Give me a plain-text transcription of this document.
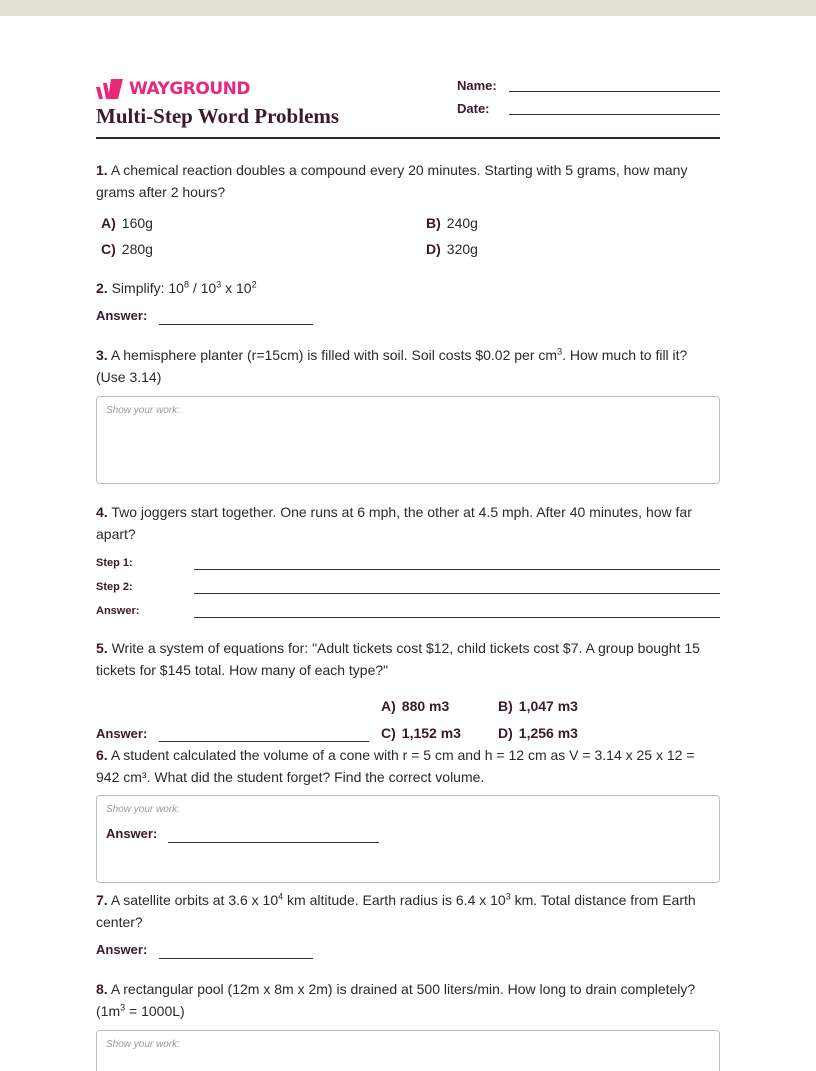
WAYGROUND
Multi-Step Word Problems
Name:
Date:
1. A chemical reaction doubles a compound every 20 minutes. Starting with 5 grams, how many grams after 2 hours?
A) 160g	B) 240g
C) 280g	D) 320g
2. Simplify: $10^8 / 10^3$ x $10^2$
Answer:
3. A hemisphere planter (r=15cm) is filled with soil. Soil costs $0.02 per $cm^3$. How much to fill it? (Use 3.14)
Show your work:
4. Two joggers start together. One runs at 6 mph, the other at 4.5 mph. After 40 minutes, how far apart?
Step 1:
Step 2:
Answer:
5. Write a system of equations for: "Adult tickets cost $12, child tickets cost $7. A group bought 15 tickets for $145 total. How many of each type?"
A) 880 m3	B) 1,047 m3
Answer:	C) 1,152 m3	D) 1,256 m3
6. A student calculated the volume of a cone with r = 5 cm and h = 12 cm as V = 3.14 x 25 x 12 = 942 cm³. What did the student forget? Find the correct volume.
Show your work:
Answer:
7. A satellite orbits at 3.6 x $10^4$ km altitude. Earth radius is 6.4 x $10^3$ km. Total distance from Earth center?
Answer:
8. A rectangular pool (12m x 8m x 2m) is drained at 500 liters/min. How long to drain completely? $(1m^3 = 1000L)$
Show your work:
